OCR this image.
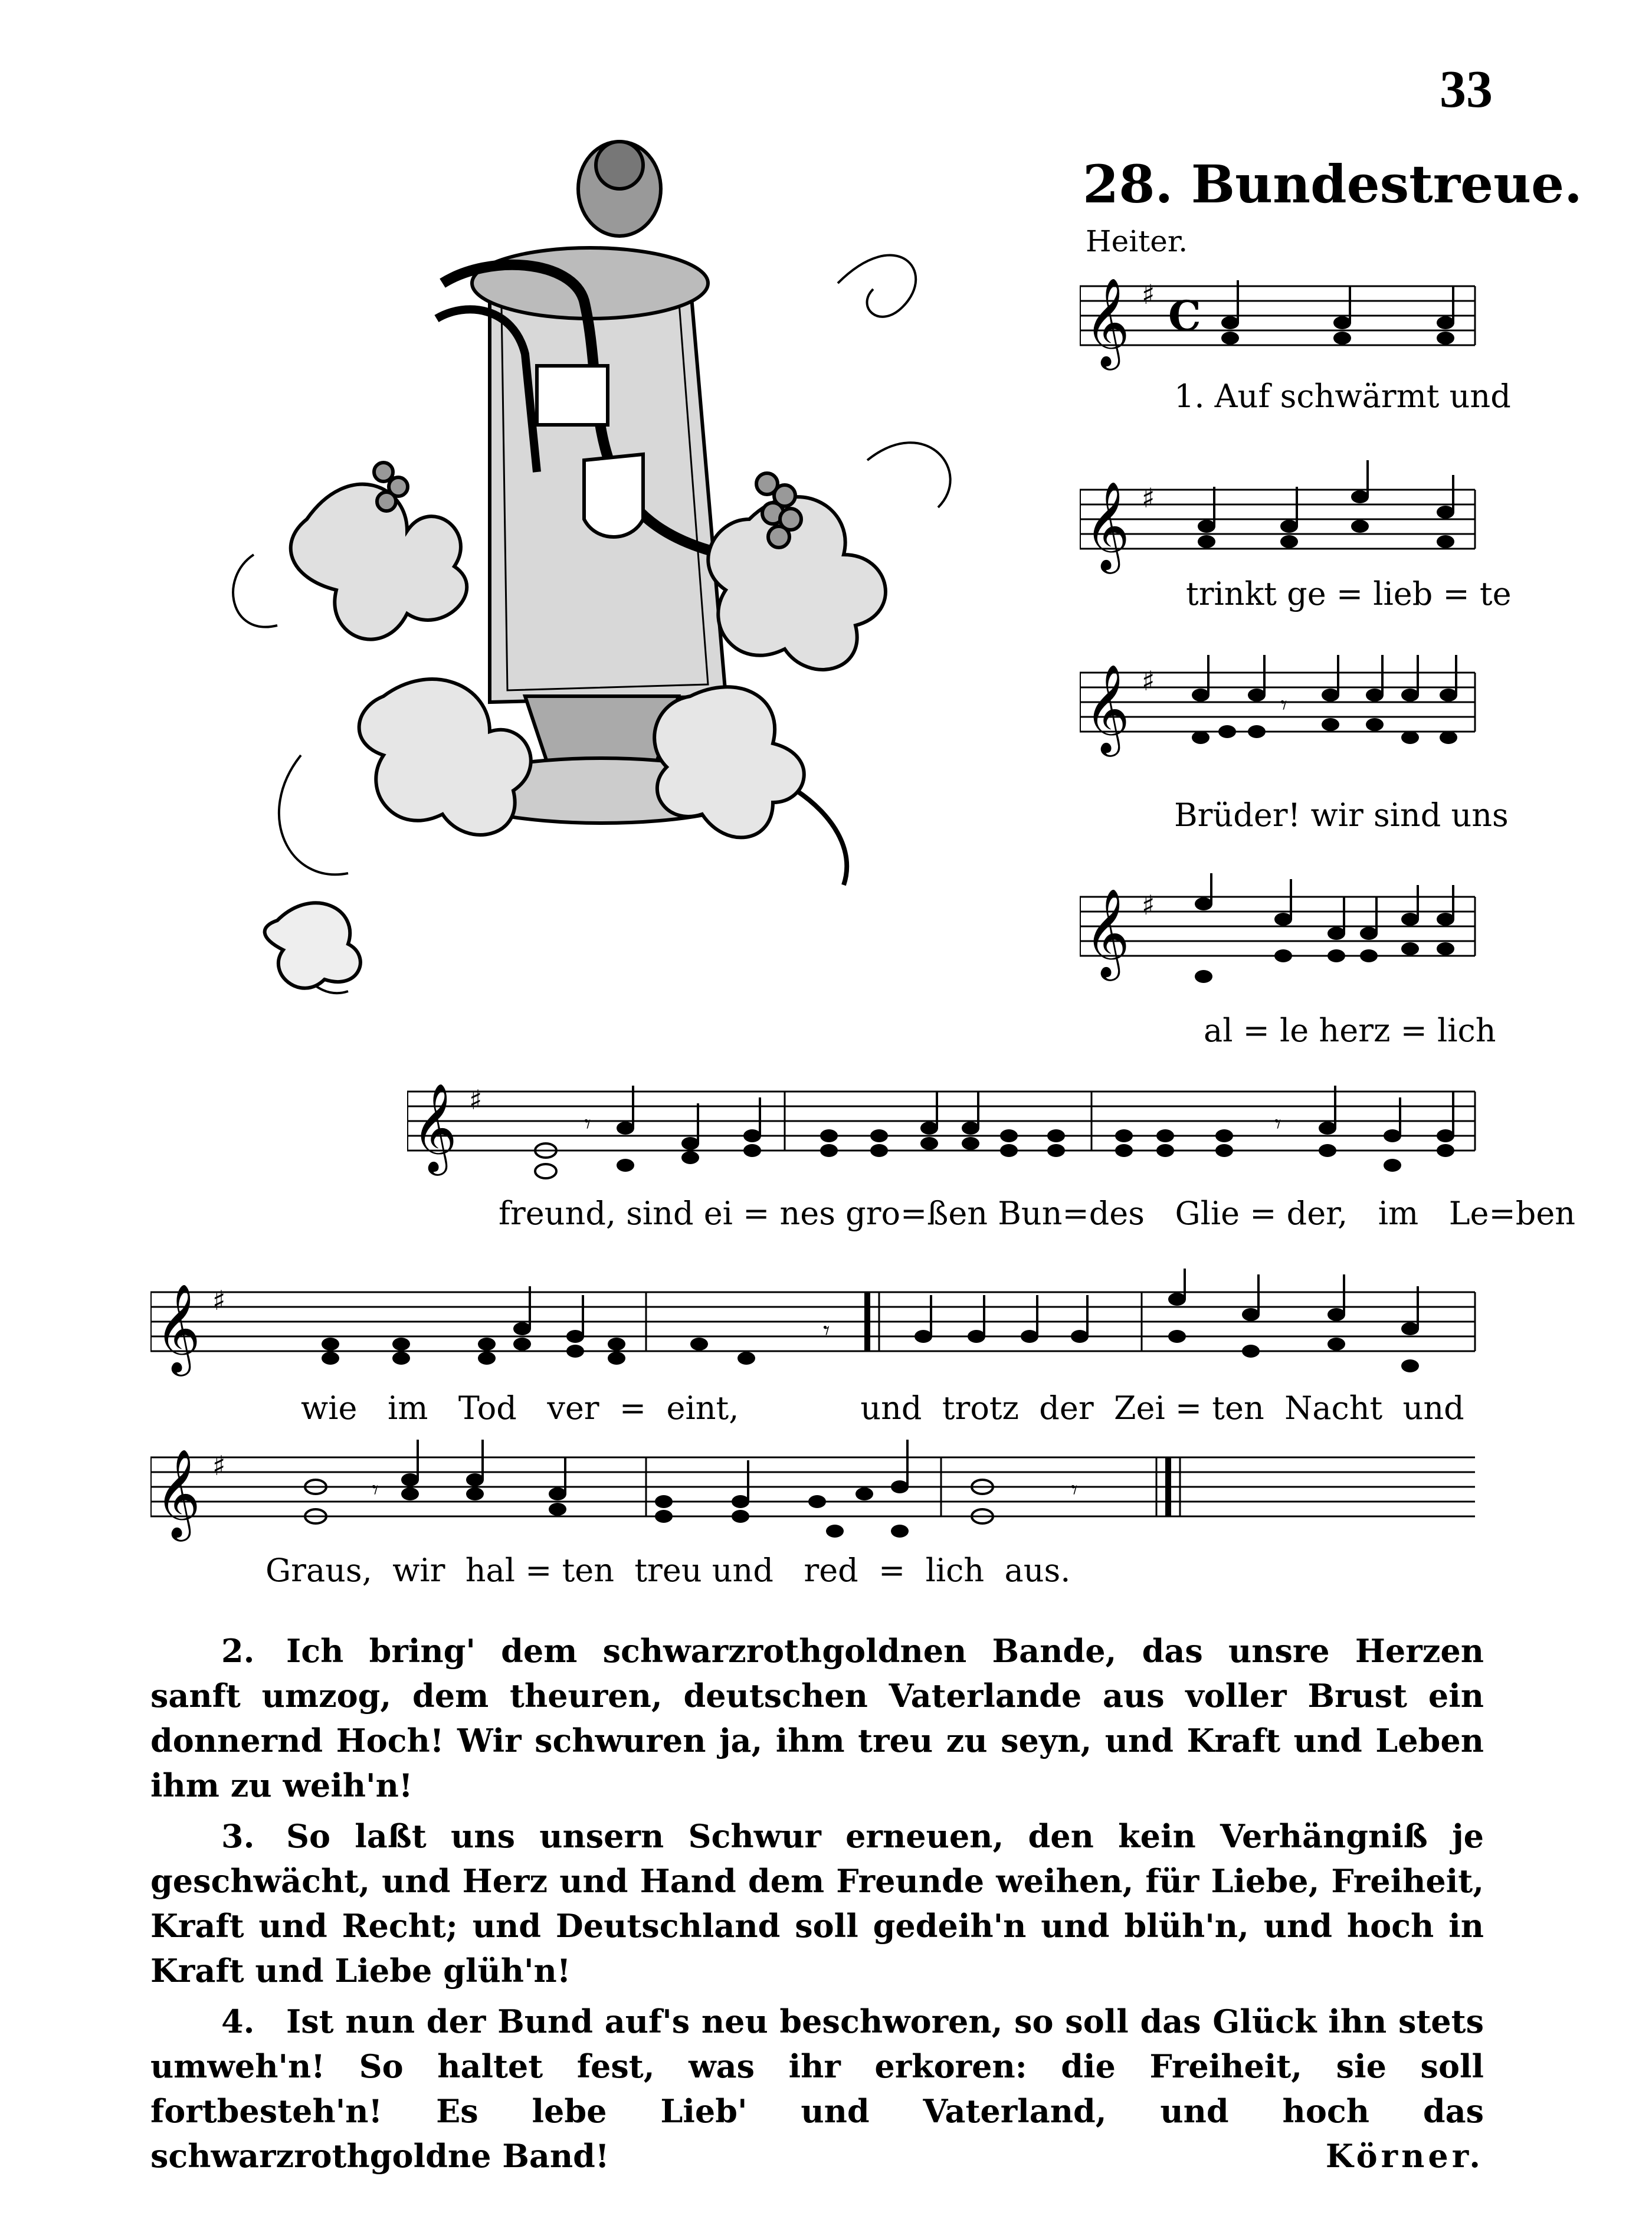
33
28. Bundestreue.
Heiter.
𝄞 ♯ C
1. Auf schwärmt und
𝄞 ♯
trinkt ge = lieb = te
𝄞 ♯
𝄾
Brüder! wir sind uns
𝄞 ♯
al = le herz = lich
𝄞 ♯
𝄾	𝄾
freund, sind ei = nes gro=ßen Bun=des   Glie = der,   im   Le=ben
𝄞 ♯
𝄾
wie   im   Tod   ver  =  eint,            und  trotz  der  Zei = ten  Nacht  und
𝄞 ♯
𝄾	𝄾
Graus,  wir  hal = ten  treu und   red  =  lich  aus.

2. Ich bring' dem schwarzrothgoldnen Bande, das unsre Herzen sanft umzog, dem theuren, deutschen Vaterlande aus voller Brust ein donnernd Hoch! Wir schwuren ja, ihm treu zu seyn, und Kraft und Leben ihm zu weih'n!

3. So laßt uns unsern Schwur erneuen, den kein Verhängniß je geschwächt, und Herz und Hand dem Freunde weihen, für Liebe, Freiheit, Kraft und Recht; und Deutschland soll gedeih'n und blüh'n, und hoch in Kraft und Liebe glüh'n!

4. Ist nun der Bund auf's neu beschworen, so soll das Glück ihn stets umweh'n! So haltet fest, was ihr erkoren: die Freiheit, sie soll fortbesteh'n! Es lebe Lieb' und Vaterland, und hoch das schwarzrothgoldne Band!	Körner.
